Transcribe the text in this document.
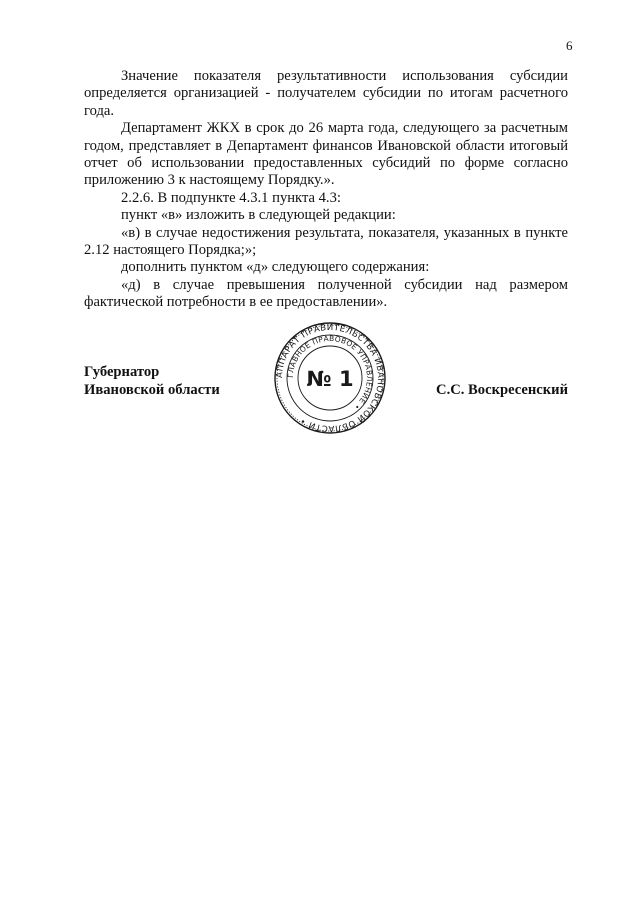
6

Значение показателя результативности использования субсидии определяется организацией - получателем субсидии по итогам расчетного года.

Департамент ЖКХ в срок до 26 марта года, следующего за расчетным годом, представляет в Департамент финансов Ивановской области итоговый отчет об использовании предоставленных субсидий по форме согласно приложению 3 к настоящему Порядку.».

2.2.6. В подпункте 4.3.1 пункта 4.3:

пункт «в» изложить в следующей редакции:

«в) в случае недостижения результата, показателя, указанных в пункте 2.12 настоящего Порядка;»;

дополнить пунктом «д» следующего содержания:

«д) в случае превышения полученной субсидии над размером фактической потребности в ее предоставлении».

Губернатор
Ивановской области	С.С. Воскресенский
АППАРАТ ПРАВИТЕЛЬСТВА ИВАНОВСКОЙ ОБЛАСТИ •
ГЛАВНОЕ ПРАВОВОЕ УПРАВЛЕНИЕ •
№ 1
